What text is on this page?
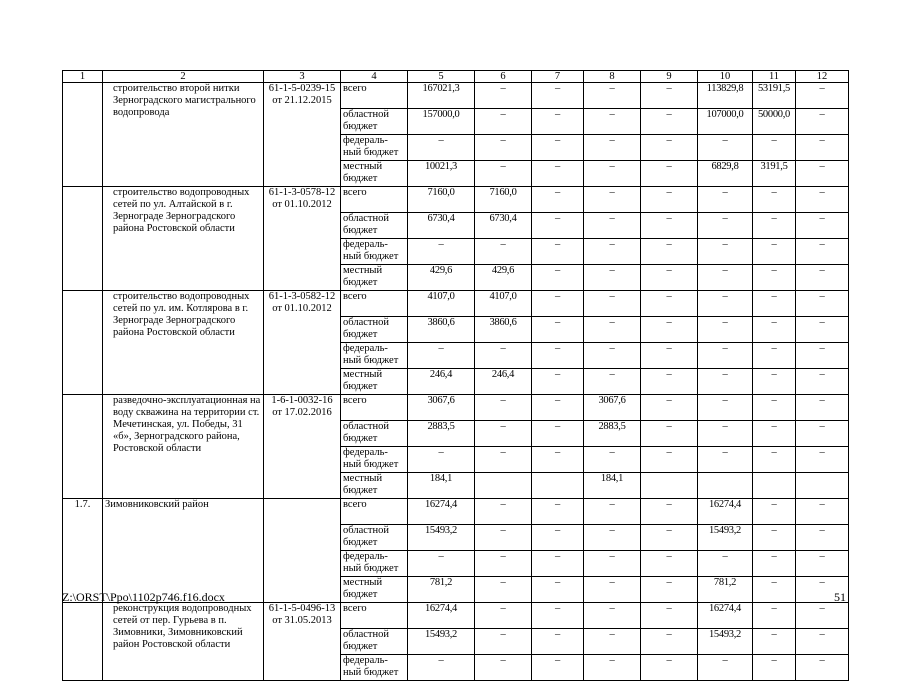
1	2	3	4	5	6	7	8	9	10	11	12
	строительство второй нитки Зерноградского магистрального водопровода	61-1-5-0239-15 от 21.12.2015	всего	167021,3	–	–	–	–	113829,8	53191,5	–
			областной бюджет	157000,0	–	–	–	–	107000,0	50000,0	–
			федераль-ный бюджет	–	–	–	–	–	–	–	–
			местный бюджет	10021,3	–	–	–	–	6829,8	3191,5	–
	строительство водопроводных сетей по ул. Алтайской в г. Зернограде Зерноградского района Ростовской области	61-1-3-0578-12 от 01.10.2012	всего	7160,0	7160,0	–	–	–	–	–	–
			областной бюджет	6730,4	6730,4	–	–	–	–	–	–
			федераль-ный бюджет	–	–	–	–	–	–	–	–
			местный бюджет	429,6	429,6	–	–	–	–	–	–
	строительство водопроводных сетей по ул. им. Котлярова в г. Зернограде Зерноградского района Ростовской области	61-1-3-0582-12 от 01.10.2012	всего	4107,0	4107,0	–	–	–	–	–	–
			областной бюджет	3860,6	3860,6	–	–	–	–	–	–
			федераль-ный бюджет	–	–	–	–	–	–	–	–
			местный бюджет	246,4	246,4	–	–	–	–	–	–
	разведочно-эксплуатационная на воду скважина на территории ст. Мечетинская, ул. Победы, 31 «б», Зерноградского района, Ростовской области	1-6-1-0032-16 от 17.02.2016	всего	3067,6	–	–	3067,6	–	–	–	–
			областной бюджет	2883,5	–	–	2883,5	–	–	–	–
			федераль-ный бюджет	–	–	–	–	–	–	–	–
			местный бюджет	184,1			184,1				
1.7.	Зимовниковский район		всего	16274,4	–	–	–	–	16274,4	–	–
			областной бюджет	15493,2	–	–	–	–	15493,2	–	–
			федераль-ный бюджет	–	–	–	–	–	–	–	–
			местный бюджет	781,2	–	–	–	–	781,2	–	–
	реконструкция водопроводных сетей от пер. Гурьева в п. Зимовники, Зимовниковский район Ростовской области	61-1-5-0496-13 от 31.05.2013	всего	16274,4	–	–	–	–	16274,4	–	–
			областной бюджет	15493,2	–	–	–	–	15493,2	–	–
			федераль-ный бюджет	–	–	–	–	–	–	–	–
Z:\ORST\Ppo\1102p746.f16.docx	51
